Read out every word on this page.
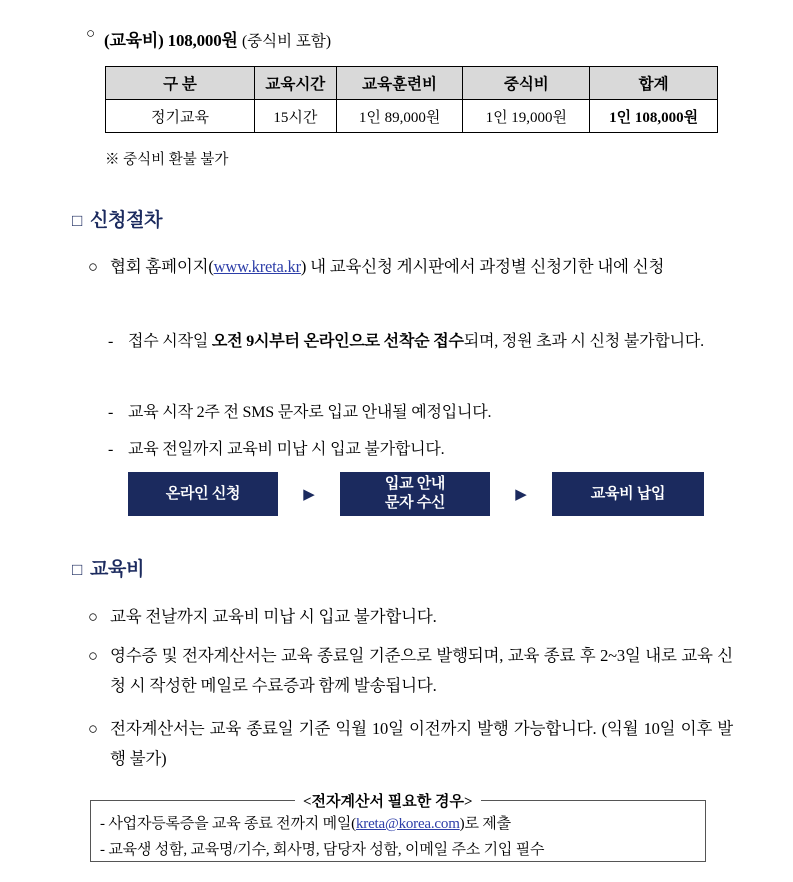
○ (교육비) 108,000원 (중식비 포함)
구 분	교육시간	교육훈련비	중식비	합계
정기교육	15시간	1인 89,000원	1인 19,000원	1인 108,000원
※ 중식비 환불 불가
□ 신청절차
○ 협회 홈페이지(www.kreta.kr) 내 교육신청 게시판에서 과정별 신청기한 내에 신청
- 접수 시작일 오전 9시부터 온라인으로 선착순 접수되며, 정원 초과 시 신청 불가합니다.
- 교육 시작 2주 전 SMS 문자로 입교 안내될 예정입니다.
- 교육 전일까지 교육비 미납 시 입교 불가합니다.
온라인 신청	▶
입교 안내
문자 수신
▶	교육비 납입
□ 교육비
○ 교육 전날까지 교육비 미납 시 입교 불가합니다.
○ 영수증 및 전자계산서는 교육 종료일 기준으로 발행되며, 교육 종료 후 2~3일 내로 교육 신청 시 작성한 메일로 수료증과 함께 발송됩니다.
○ 전자계산서는 교육 종료일 기준 익월 10일 이전까지 발행 가능합니다. (익월 10일 이후 발행 불가)
<전자계산서 필요한 경우>
- 사업자등록증을 교육 종료 전까지 메일(kreta@korea.com)로 제출
- 교육생 성함, 교육명/기수, 회사명, 담당자 성함, 이메일 주소 기입 필수
